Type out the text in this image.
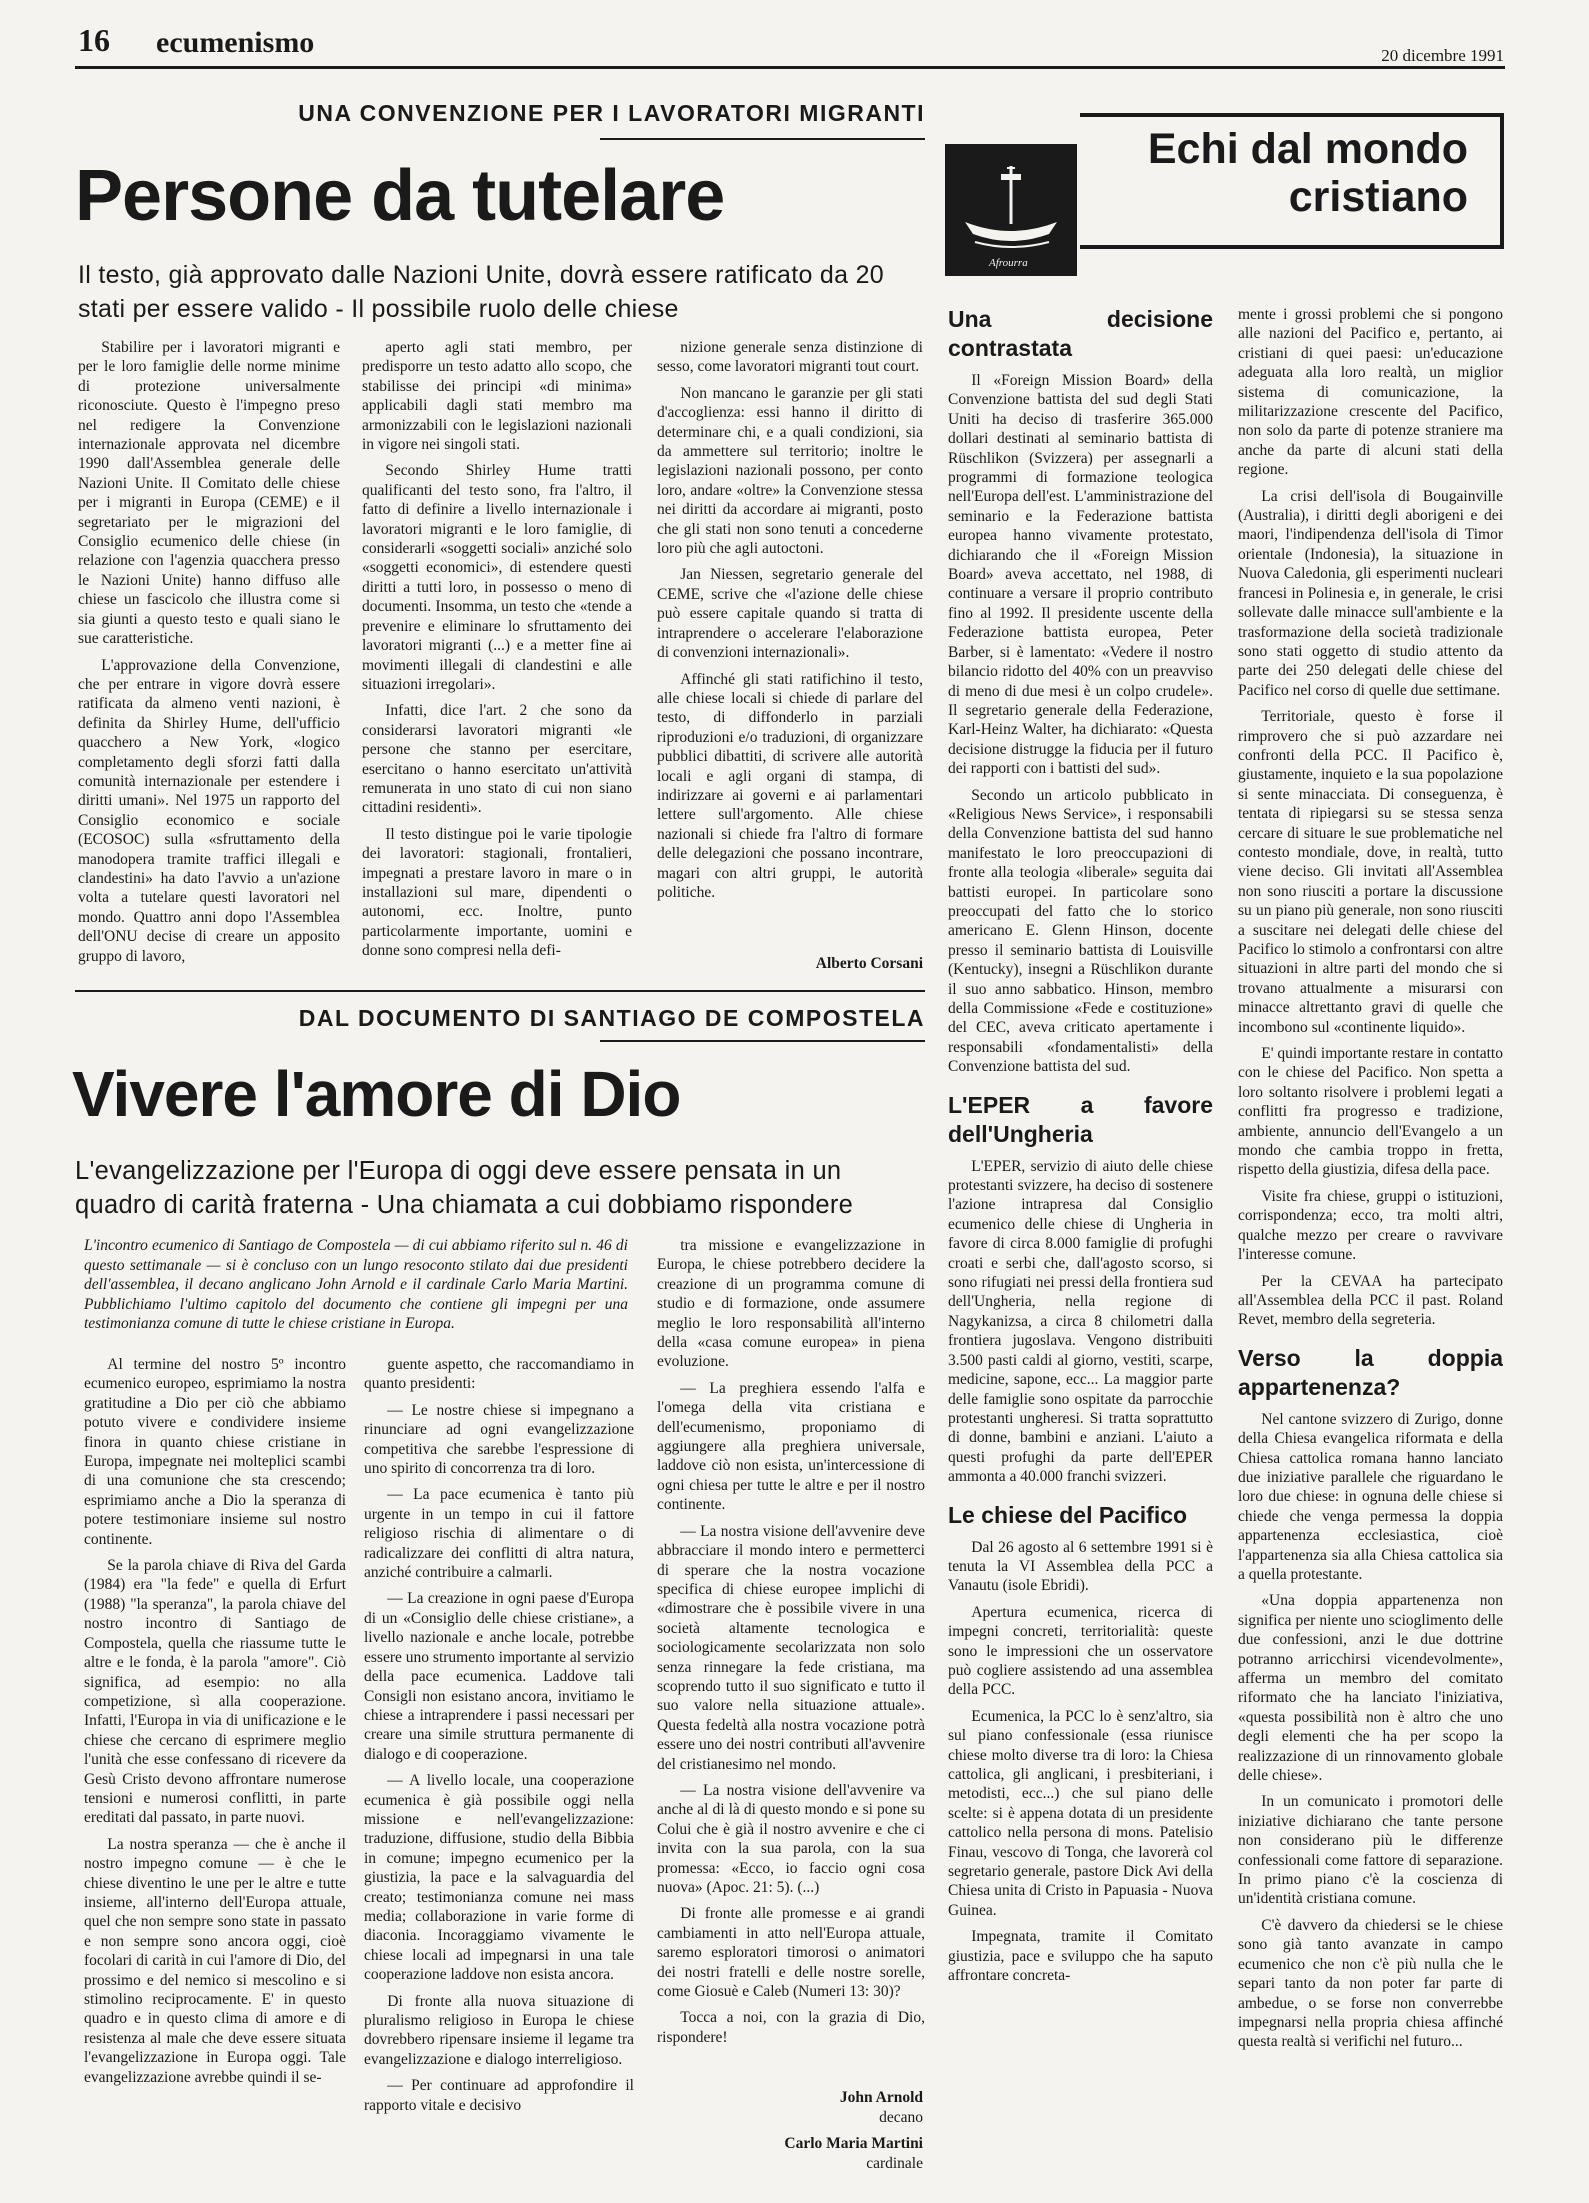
16 ecumenismo	20 dicembre 1991
UNA CONVENZIONE PER I LAVORATORI MIGRANTI
Persone da tutelare
Il testo, già approvato dalle Nazioni Unite, dovrà essere ratificato da 20 stati per essere valido - Il possibile ruolo delle chiese

Stabilire per i lavoratori migranti e per le loro famiglie delle norme minime di protezione universalmente riconosciute. Questo è l'impegno preso nel redigere la Convenzione internazionale approvata nel dicembre 1990 dall'Assemblea generale delle Nazioni Unite. Il Comitato delle chiese per i migranti in Europa (CEME) e il segretariato per le migrazioni del Consiglio ecumenico delle chiese (in relazione con l'agenzia quacchera presso le Nazioni Unite) hanno diffuso alle chiese un fascicolo che illustra come si sia giunti a questo testo e quali siano le sue caratteristiche.

L'approvazione della Convenzione, che per entrare in vigore dovrà essere ratificata da almeno venti nazioni, è definita da Shirley Hume, dell'ufficio quacchero a New York, «logico completamento degli sforzi fatti dalla comunità internazionale per estendere i diritti umani». Nel 1975 un rapporto del Consiglio economico e sociale (ECOSOC) sulla «sfruttamento della manodopera tramite traffici illegali e clandestini» ha dato l'avvio a un'azione volta a tutelare questi lavoratori nel mondo. Quattro anni dopo l'Assemblea dell'ONU decise di creare un apposito gruppo di lavoro,

aperto agli stati membro, per predisporre un testo adatto allo scopo, che stabilisse dei principi «di minima» applicabili dagli stati membro ma armonizzabili con le legislazioni nazionali in vigore nei singoli stati.

Secondo Shirley Hume tratti qualificanti del testo sono, fra l'altro, il fatto di definire a livello internazionale i lavoratori migranti e le loro famiglie, di considerarli «soggetti sociali» anziché solo «soggetti economici», di estendere questi diritti a tutti loro, in possesso o meno di documenti. Insomma, un testo che «tende a prevenire e eliminare lo sfruttamento dei lavoratori migranti (...) e a metter fine ai movimenti illegali di clandestini e alle situazioni irregolari».

Infatti, dice l'art. 2 che sono da considerarsi lavoratori migranti «le persone che stanno per esercitare, esercitano o hanno esercitato un'attività remunerata in uno stato di cui non siano cittadini residenti».

Il testo distingue poi le varie tipologie dei lavoratori: stagionali, frontalieri, impegnati a prestare lavoro in mare o in installazioni sul mare, dipendenti o autonomi, ecc. Inoltre, punto particolarmente importante, uomini e donne sono compresi nella defi-

nizione generale senza distinzione di sesso, come lavoratori migranti tout court.

Non mancano le garanzie per gli stati d'accoglienza: essi hanno il diritto di determinare chi, e a quali condizioni, sia da ammettere sul territorio; inoltre le legislazioni nazionali possono, per conto loro, andare «oltre» la Convenzione stessa nei diritti da accordare ai migranti, posto che gli stati non sono tenuti a concederne loro più che agli autoctoni.

Jan Niessen, segretario generale del CEME, scrive che «l'azione delle chiese può essere capitale quando si tratta di intraprendere o accelerare l'elaborazione di convenzioni internazionali».

Affinché gli stati ratifichino il testo, alle chiese locali si chiede di parlare del testo, di diffonderlo in parziali riproduzioni e/o traduzioni, di organizzare pubblici dibattiti, di scrivere alle autorità locali e agli organi di stampa, di indirizzare ai governi e ai parlamentari lettere sull'argomento. Alle chiese nazionali si chiede fra l'altro di formare delle delegazioni che possano incontrare, magari con altri gruppi, le autorità politiche.

Alberto Corsani
DAL DOCUMENTO DI SANTIAGO DE COMPOSTELA
Vivere l'amore di Dio
L'evangelizzazione per l'Europa di oggi deve essere pensata in un quadro di carità fraterna - Una chiamata a cui dobbiamo rispondere
L'incontro ecumenico di Santiago de Compostela — di cui abbiamo riferito sul n. 46 di questo settimanale — si è concluso con un lungo resoconto stilato dai due presidenti dell'assemblea, il decano anglicano John Arnold e il cardinale Carlo Maria Martini. Pubblichiamo l'ultimo capitolo del documento che contiene gli impegni per una testimonianza comune di tutte le chiese cristiane in Europa.

Al termine del nostro 5º incontro ecumenico europeo, esprimiamo la nostra gratitudine a Dio per ciò che abbiamo potuto vivere e condividere insieme finora in quanto chiese cristiane in Europa, impegnate nei molteplici scambi di una comunione che sta crescendo; esprimiamo anche a Dio la speranza di potere testimoniare insieme sul nostro continente.

Se la parola chiave di Riva del Garda (1984) era "la fede" e quella di Erfurt (1988) "la speranza", la parola chiave del nostro incontro di Santiago de Compostela, quella che riassume tutte le altre e le fonda, è la parola "amore". Ciò significa, ad esempio: no alla competizione, sì alla cooperazione. Infatti, l'Europa in via di unificazione e le chiese che cercano di esprimere meglio l'unità che esse confessano di ricevere da Gesù Cristo devono affrontare numerose tensioni e numerosi conflitti, in parte ereditati dal passato, in parte nuovi.

La nostra speranza — che è anche il nostro impegno comune — è che le chiese diventino le une per le altre e tutte insieme, all'interno dell'Europa attuale, quel che non sempre sono state in passato e non sempre sono ancora oggi, cioè focolari di carità in cui l'amore di Dio, del prossimo e del nemico si mescolino e si stimolino reciprocamente. E' in questo quadro e in questo clima di amore e di resistenza al male che deve essere situata l'evangelizzazione in Europa oggi. Tale evangelizzazione avrebbe quindi il se-

guente aspetto, che raccomandiamo in quanto presidenti:

— Le nostre chiese si impegnano a rinunciare ad ogni evangelizzazione competitiva che sarebbe l'espressione di uno spirito di concorrenza tra di loro.

— La pace ecumenica è tanto più urgente in un tempo in cui il fattore religioso rischia di alimentare o di radicalizzare dei conflitti di altra natura, anziché contribuire a calmarli.

— La creazione in ogni paese d'Europa di un «Consiglio delle chiese cristiane», a livello nazionale e anche locale, potrebbe essere uno strumento importante al servizio della pace ecumenica. Laddove tali Consigli non esistano ancora, invitiamo le chiese a intraprendere i passi necessari per creare una simile struttura permanente di dialogo e di cooperazione.

— A livello locale, una cooperazione ecumenica è già possibile oggi nella missione e nell'evangelizzazione: traduzione, diffusione, studio della Bibbia in comune; impegno ecumenico per la giustizia, la pace e la salvaguardia del creato; testimonianza comune nei mass media; collaborazione in varie forme di diaconia. Incoraggiamo vivamente le chiese locali ad impegnarsi in una tale cooperazione laddove non esista ancora.

Di fronte alla nuova situazione di pluralismo religioso in Europa le chiese dovrebbero ripensare insieme il legame tra evangelizzazione e dialogo interreligioso.

— Per continuare ad approfondire il rapporto vitale e decisivo

tra missione e evangelizzazione in Europa, le chiese potrebbero decidere la creazione di un programma comune di studio e di formazione, onde assumere meglio le loro responsabilità all'interno della «casa comune europea» in piena evoluzione.

— La preghiera essendo l'alfa e l'omega della vita cristiana e dell'ecumenismo, proponiamo di aggiungere alla preghiera universale, laddove ciò non esista, un'intercessione di ogni chiesa per tutte le altre e per il nostro continente.

— La nostra visione dell'avvenire deve abbracciare il mondo intero e permetterci di sperare che la nostra vocazione specifica di chiese europee implichi di «dimostrare che è possibile vivere in una società altamente tecnologica e sociologicamente secolarizzata non solo senza rinnegare la fede cristiana, ma scoprendo tutto il suo significato e tutto il suo valore nella situazione attuale». Questa fedeltà alla nostra vocazione potrà essere uno dei nostri contributi all'avvenire del cristianesimo nel mondo.

— La nostra visione dell'avvenire va anche al di là di questo mondo e si pone su Colui che è già il nostro avvenire e che ci invita con la sua parola, con la sua promessa: «Ecco, io faccio ogni cosa nuova» (Apoc. 21: 5). (...)

Di fronte alle promesse e ai grandi cambiamenti in atto nell'Europa attuale, saremo esploratori timorosi o animatori dei nostri fratelli e delle nostre sorelle, come Giosuè e Caleb (Numeri 13: 30)?

Tocca a noi, con la grazia di Dio, rispondere!

John Arnold
decano
Carlo Maria Martini
cardinale
Echi dal mondo
cristiano
Afrourra
Una decisione contrastata

Il «Foreign Mission Board» della Convenzione battista del sud degli Stati Uniti ha deciso di trasferire 365.000 dollari destinati al seminario battista di Rüschlikon (Svizzera) per assegnarli a programmi di formazione teologica nell'Europa dell'est. L'amministrazione del seminario e la Federazione battista europea hanno vivamente protestato, dichiarando che il «Foreign Mission Board» aveva accettato, nel 1988, di continuare a versare il proprio contributo fino al 1992. Il presidente uscente della Federazione battista europea, Peter Barber, si è lamentato: «Vedere il nostro bilancio ridotto del 40% con un preavviso di meno di due mesi è un colpo crudele». Il segretario generale della Federazione, Karl-Heinz Walter, ha dichiarato: «Questa decisione distrugge la fiducia per il futuro dei rapporti con i battisti del sud».

Secondo un articolo pubblicato in «Religious News Service», i responsabili della Convenzione battista del sud hanno manifestato le loro preoccupazioni di fronte alla teologia «liberale» seguita dai battisti europei. In particolare sono preoccupati del fatto che lo storico americano E. Glenn Hinson, docente presso il seminario battista di Louisville (Kentucky), insegni a Rüschlikon durante il suo anno sabbatico. Hinson, membro della Commissione «Fede e costituzione» del CEC, aveva criticato apertamente i responsabili «fondamentalisti» della Convenzione battista del sud.

L'EPER a favore dell'Ungheria

L'EPER, servizio di aiuto delle chiese protestanti svizzere, ha deciso di sostenere l'azione intrapresa dal Consiglio ecumenico delle chiese di Ungheria in favore di circa 8.000 famiglie di profughi croati e serbi che, dall'agosto scorso, si sono rifugiati nei pressi della frontiera sud dell'Ungheria, nella regione di Nagykanizsa, a circa 8 chilometri dalla frontiera jugoslava. Vengono distribuiti 3.500 pasti caldi al giorno, vestiti, scarpe, medicine, sapone, ecc... La maggior parte delle famiglie sono ospitate da parrocchie protestanti ungheresi. Si tratta soprattutto di donne, bambini e anziani. L'aiuto a questi profughi da parte dell'EPER ammonta a 40.000 franchi svizzeri.

Le chiese del Pacifico

Dal 26 agosto al 6 settembre 1991 si è tenuta la VI Assemblea della PCC a Vanautu (isole Ebridi).

Apertura ecumenica, ricerca di impegni concreti, territorialità: queste sono le impressioni che un osservatore può cogliere assistendo ad una assemblea della PCC.

Ecumenica, la PCC lo è senz'altro, sia sul piano confessionale (essa riunisce chiese molto diverse tra di loro: la Chiesa cattolica, gli anglicani, i presbiteriani, i metodisti, ecc...) che sul piano delle scelte: si è appena dotata di un presidente cattolico nella persona di mons. Patelisio Finau, vescovo di Tonga, che lavorerà col segretario generale, pastore Dick Avi della Chiesa unita di Cristo in Papuasia - Nuova Guinea.

Impegnata, tramite il Comitato giustizia, pace e sviluppo che ha saputo affrontare concreta-

mente i grossi problemi che si pongono alle nazioni del Pacifico e, pertanto, ai cristiani di quei paesi: un'educazione adeguata alla loro realtà, un miglior sistema di comunicazione, la militarizzazione crescente del Pacifico, non solo da parte di potenze straniere ma anche da parte di alcuni stati della regione.

La crisi dell'isola di Bougainville (Australia), i diritti degli aborigeni e dei maori, l'indipendenza dell'isola di Timor orientale (Indonesia), la situazione in Nuova Caledonia, gli esperimenti nucleari francesi in Polinesia e, in generale, le crisi sollevate dalle minacce sull'ambiente e la trasformazione della società tradizionale sono stati oggetto di studio attento da parte dei 250 delegati delle chiese del Pacifico nel corso di quelle due settimane.

Territoriale, questo è forse il rimprovero che si può azzardare nei confronti della PCC. Il Pacifico è, giustamente, inquieto e la sua popolazione si sente minacciata. Di conseguenza, è tentata di ripiegarsi su se stessa senza cercare di situare le sue problematiche nel contesto mondiale, dove, in realtà, tutto viene deciso. Gli invitati all'Assemblea non sono riusciti a portare la discussione su un piano più generale, non sono riusciti a suscitare nei delegati delle chiese del Pacifico lo stimolo a confrontarsi con altre situazioni in altre parti del mondo che si trovano attualmente a misurarsi con minacce altrettanto gravi di quelle che incombono sul «continente liquido».

E' quindi importante restare in contatto con le chiese del Pacifico. Non spetta a loro soltanto risolvere i problemi legati a conflitti fra progresso e tradizione, ambiente, annuncio dell'Evangelo a un mondo che cambia troppo in fretta, rispetto della giustizia, difesa della pace.

Visite fra chiese, gruppi o istituzioni, corrispondenza; ecco, tra molti altri, qualche mezzo per creare o ravvivare l'interesse comune.

Per la CEVAA ha partecipato all'Assemblea della PCC il past. Roland Revet, membro della segreteria.

Verso la doppia appartenenza?

Nel cantone svizzero di Zurigo, donne della Chiesa evangelica riformata e della Chiesa cattolica romana hanno lanciato due iniziative parallele che riguardano le loro due chiese: in ognuna delle chiese si chiede che venga permessa la doppia appartenenza ecclesiastica, cioè l'appartenenza sia alla Chiesa cattolica sia a quella protestante.

«Una doppia appartenenza non significa per niente uno scioglimento delle due confessioni, anzi le due dottrine potranno arricchirsi vicendevolmente», afferma un membro del comitato riformato che ha lanciato l'iniziativa, «questa possibilità non è altro che uno degli elementi che ha per scopo la realizzazione di un rinnovamento globale delle chiese».

In un comunicato i promotori delle iniziative dichiarano che tante persone non considerano più le differenze confessionali come fattore di separazione. In primo piano c'è la coscienza di un'identità cristiana comune.

C'è davvero da chiedersi se le chiese sono già tanto avanzate in campo ecumenico che non c'è più nulla che le separi tanto da non poter far parte di ambedue, o se forse non converrebbe impegnarsi nella propria chiesa affinché questa realtà si verifichi nel futuro...
